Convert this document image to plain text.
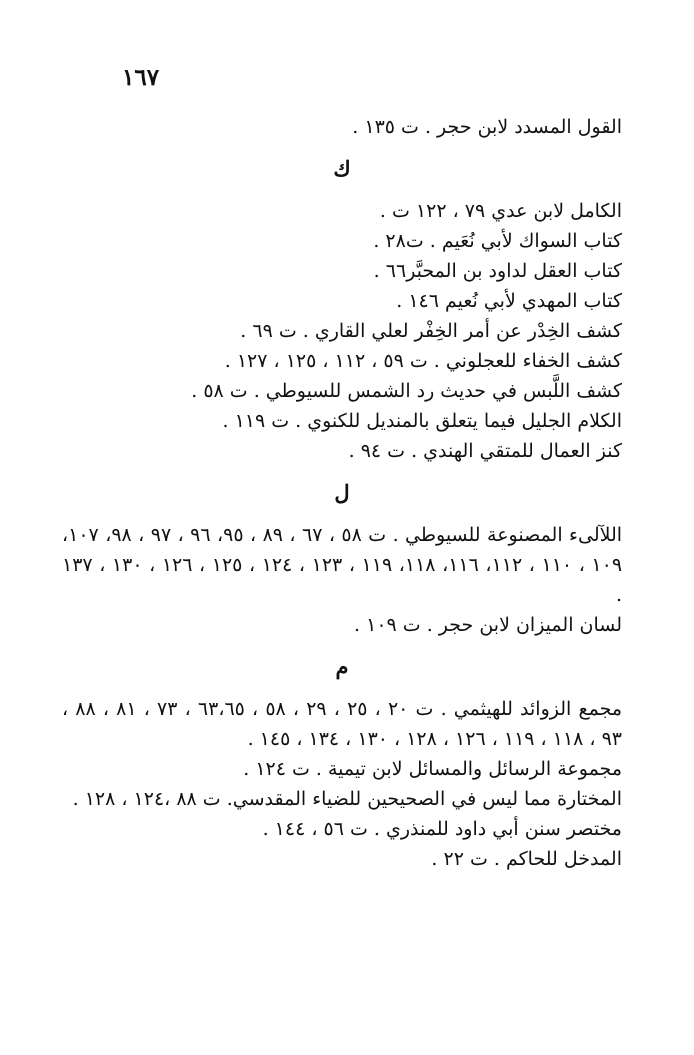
١٦٧
القول المسدد لابن حجر . ت ١٣٥ .
ك
الكامل لابن عدي ٧٩ ، ١٢٢ ت .
كتاب السواك لأبي نُعَيم . ت٢٨ .
كتاب العقل لداود بن المحبَّر٦٦ .
كتاب المهدي لأبي نُعيم ١٤٦ .
كشف الخِدْر عن أمر الخِفْر لعلي القاري . ت ٦٩ .
كشف الخفاء للعجلوني . ت ٥٩ ، ١١٢ ، ١٢٥ ، ١٢٧ .
كشف اللَّبس في حديث رد الشمس للسيوطي . ت ٥٨ .
الكلام الجليل فيما يتعلق بالمنديل للكنوي . ت ١١٩ .
كنز العمال للمتقي الهندي . ت ٩٤ .
ل
اللآلىء المصنوعة للسيوطي . ت ٥٨ ، ٦٧ ، ٨٩ ، ٩٥، ٩٦ ، ٩٧ ، ٩٨، ١٠٧، ١٠٩ ، ١١٠ ، ١١٢، ١١٦، ١١٨، ١١٩ ، ١٢٣ ، ١٢٤ ، ١٢٥ ، ١٢٦ ، ١٣٠ ، ١٣٧ .
لسان الميزان لابن حجر . ت ١٠٩ .
م
مجمع الزوائد للهيثمي . ت ٢٠ ، ٢٥ ، ٢٩ ، ٥٨ ، ٦٣،٦٥ ، ٧٣ ، ٨١ ، ٨٨ ، ٩٣ ، ١١٨ ، ١١٩ ، ١٢٦ ، ١٢٨ ، ١٣٠ ، ١٣٤ ، ١٤٥ .
مجموعة الرسائل والمسائل لابن تيمية . ت ١٢٤ .
المختارة مما ليس في الصحيحين للضياء المقدسي. ت ٨٨ ،١٢٤ ، ١٢٨ .
مختصر سنن أبي داود للمنذري . ت ٥٦ ، ١٤٤ .
المدخل للحاكم . ت ٢٢ .
